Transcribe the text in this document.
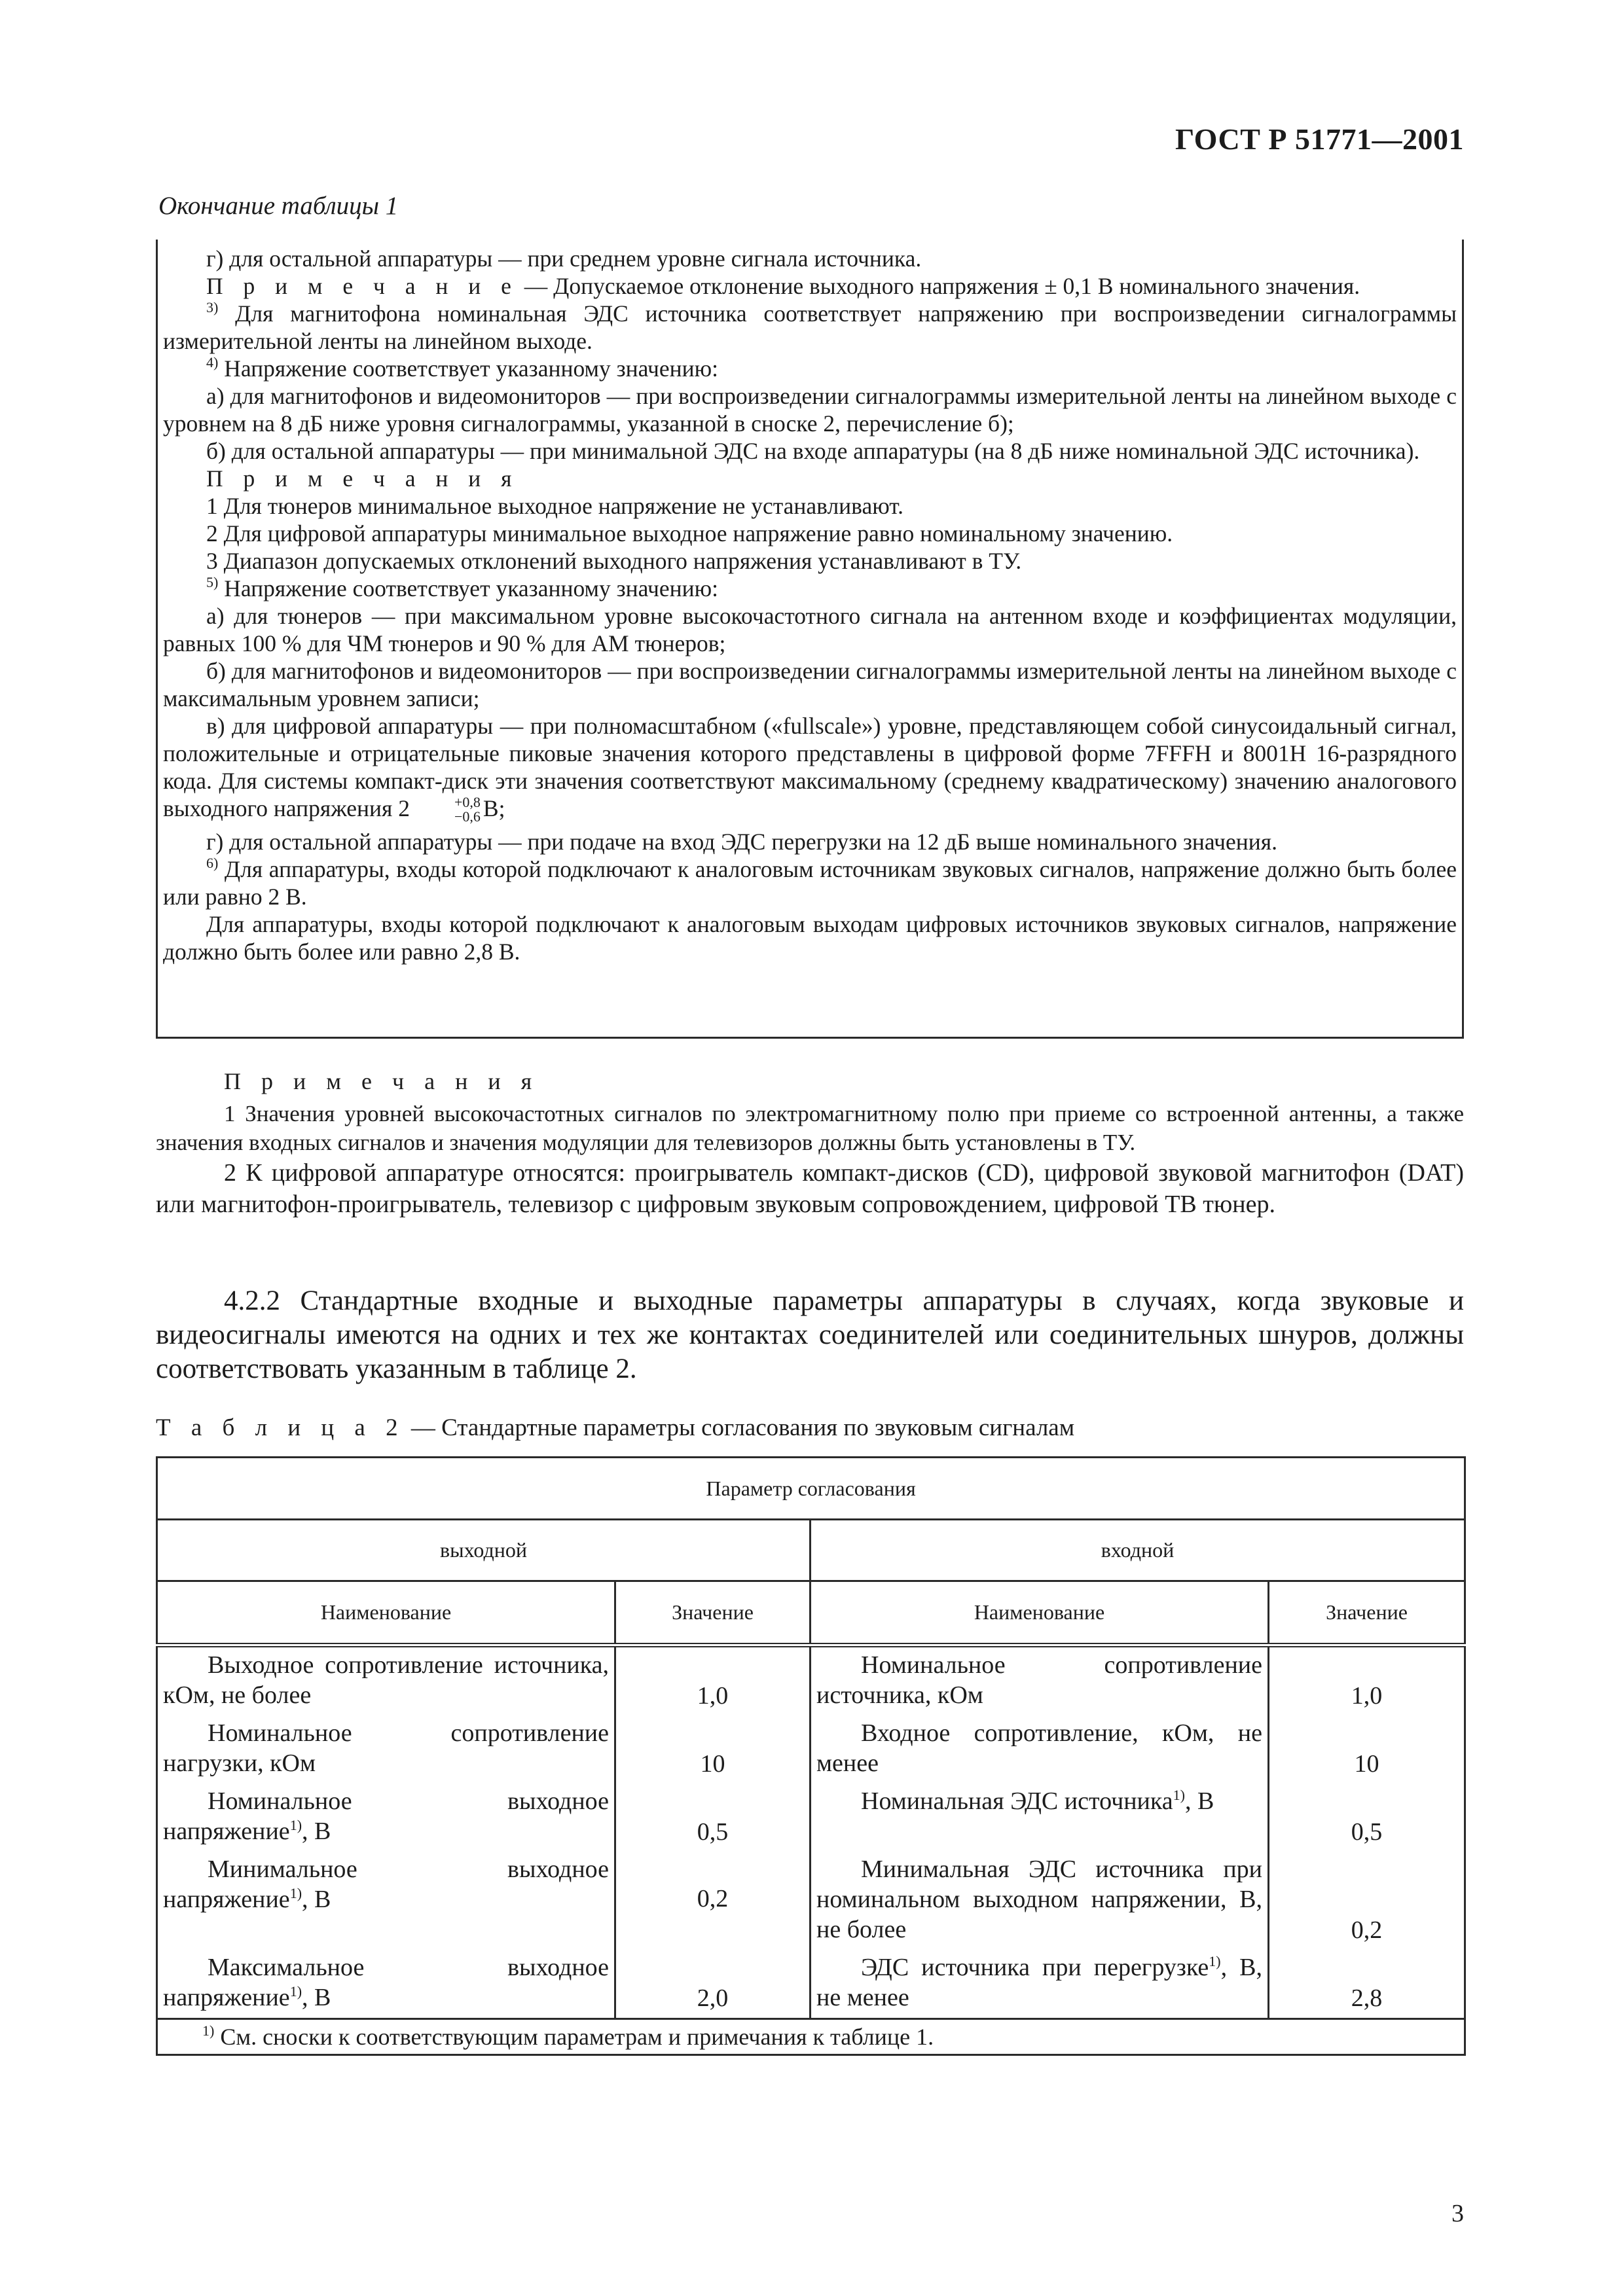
ГОСТ Р 51771—2001
Окончание таблицы 1

г) для остальной аппаратуры — при среднем уровне сигнала источника.

П р и м е ч а н и е — Допускаемое отклонение выходного напряжения ± 0,1 В номинального значения.

$^{3)}$ Для магнитофона номинальная ЭДС источника соответствует напряжению при воспроизведении сигналограммы измерительной ленты на линейном выходе.

$^{4)}$ Напряжение соответствует указанному значению:

а) для магнитофонов и видеомониторов — при воспроизведении сигналограммы измерительной ленты на линейном выходе с уровнем на 8 дБ ниже уровня сигналограммы, указанной в сноске 2, перечисление б);

б) для остальной аппаратуры — при минимальной ЭДС на входе аппаратуры (на 8 дБ ниже номинальной ЭДС источника).

П р и м е ч а н и я

1 Для тюнеров минимальное выходное напряжение не устанавливают.

2 Для цифровой аппаратуры минимальное выходное напряжение равно номинальному значению.

3 Диапазон допускаемых отклонений выходного напряжения устанавливают в ТУ.

$^{5)}$ Напряжение соответствует указанному значению:

а) для тюнеров — при максимальном уровне высокочастотного сигнала на антенном входе и коэффициентах модуляции, равных 100 % для ЧМ тюнеров и 90 % для АМ тюнеров;

б) для магнитофонов и видеомониторов — при воспроизведении сигналограммы измерительной ленты на линейном выходе с максимальным уровнем записи;

в) для цифровой аппаратуры — при полномасштабном («fullscale») уровне, представляющем собой синусоидальный сигнал, положительные и отрицательные пиковые значения которого представлены в цифровой форме 7FFFH и 8001H 16-разрядного кода. Для системы компакт-диск эти значения соответствуют максимальному (среднему квадратическому) значению аналогового выходного напряжения 2	+0,8
−0,6 В;

г) для остальной аппаратуры — при подаче на вход ЭДС перегрузки на 12 дБ выше номинального значения.

$^{6)}$ Для аппаратуры, входы которой подключают к аналоговым источникам звуковых сигналов, напряжение должно быть более или равно 2 В.

Для аппаратуры, входы которой подключают к аналоговым выходам цифровых источников звуковых сигналов, напряжение должно быть более или равно 2,8 В.

П р и м е ч а н и я

1 Значения уровней высокочастотных сигналов по электромагнитному полю при приеме со встроенной антенны, а также значения входных сигналов и значения модуляции для телевизоров должны быть установлены в ТУ.

2 К цифровой аппаратуре относятся: проигрыватель компакт-дисков (CD), цифровой звуковой магнитофон (DAT) или магнитофон-проигрыватель, телевизор с цифровым звуковым сопровождением, цифровой ТВ тюнер.

4.2.2 Стандартные входные и выходные параметры аппаратуры в случаях, когда звуковые и видеосигналы имеются на одних и тех же контактах соединителей или соединительных шнуров, должны соответствовать указанным в таблице 2.

Т а б л и ц а 2 — Стандартные параметры согласования по звуковым сигналам
Параметр согласования			
выходной		входной	
Наименование	Значение	Наименование	Значение
Выходное сопротивление источника, кОм, не более	1,0	Номинальное сопротивление источника, кОм	1,0
Номинальное сопротивление нагрузки, кОм	10	Входное сопротивление, кОм, не менее	10
Номинальное выходное напряжение$^{1)}$, В	0,5	Номинальная ЭДС источника$^{1)}$, В	0,5
Минимальное выходное напряжение$^{1)}$, В	0,2	Минимальная ЭДС источника при номинальном выходном напряжении, В, не более	0,2
Максимальное выходное напряжение$^{1)}$, В	2,0	ЭДС источника при перегрузке$^{1)}$, В, не менее	2,8
$^{1)}$ См. сноски к соответствующим параметрам и примечания к таблице 1.			
3
